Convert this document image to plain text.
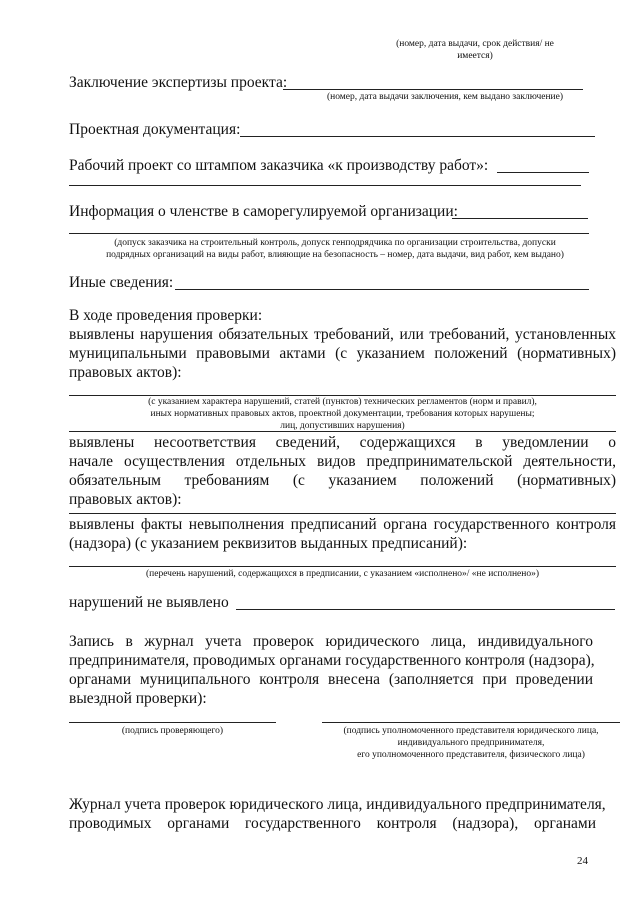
(номер, дата выдачи, срок действия/ не
имеется)
Заключение экспертизы проекта:
(номер, дата выдачи заключения, кем выдано заключение)
Проектная документация:
Рабочий проект со штампом заказчика «к производству работ»:
Информация о членстве в саморегулируемой организации:
(допуск заказчика на строительный контроль, допуск генподрядчика по организации строительства, допуски
подрядных организаций на виды работ, влияющие на безопасность – номер, дата выдачи, вид работ, кем выдано)
Иные сведения:
В ходе проведения проверки:
выявлены нарушения обязательных требований, или требований, установленных
муниципальными правовыми актами (с указанием положений (нормативных)
правовых актов):
(с указанием характера нарушений, статей (пунктов) технических регламентов (норм и правил),
иных нормативных правовых актов, проектной документации, требования которых нарушены;
лиц, допустивших нарушения)
выявлены несоответствия сведений, содержащихся в уведомлении о
начале осуществления отдельных видов предпринимательской деятельности,
обязательным требованиям (с указанием положений (нормативных)
правовых актов):
выявлены факты невыполнения предписаний органа государственного контроля
(надзора) (с указанием реквизитов выданных предписаний):
(перечень нарушений, содержащихся в предписании, с указанием «исполнено»/ «не исполнено»)
нарушений не выявлено
Запись в журнал учета проверок юридического лица, индивидуального
предпринимателя, проводимых органами государственного контроля (надзора),
органами муниципального контроля внесена (заполняется при проведении
выездной проверки):
(подпись проверяющего)	(подпись уполномоченного представителя юридического лица,
индивидуального предпринимателя,
его уполномоченного представителя, физического лица)
Журнал учета проверок юридического лица, индивидуального предпринимателя,
проводимых органами государственного контроля (надзора), органами
24
